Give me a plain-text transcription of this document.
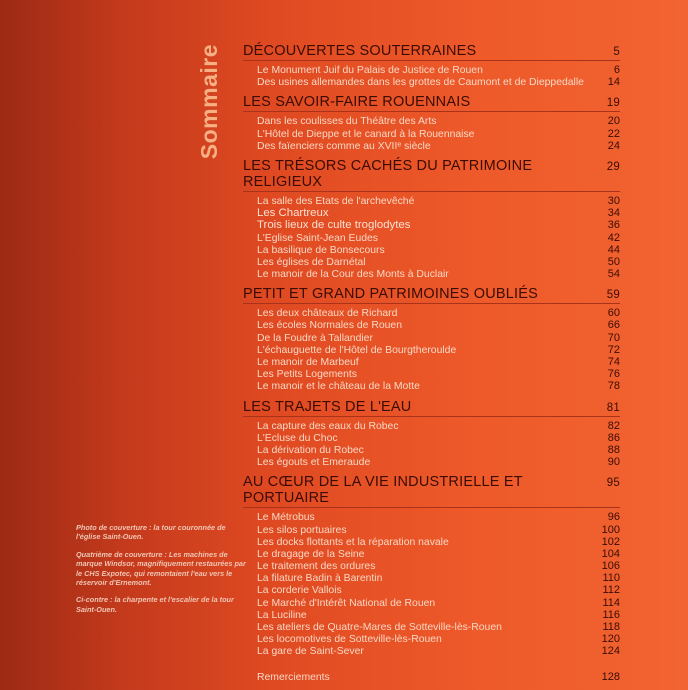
Sommaire DÉCOUVERTES SOUTERRAINES	5
Le Monument Juif du Palais de Justice de Rouen	6
Des usines allemandes dans les grottes de Caumont et de Dieppedalle 14
LES SAVOIR-FAIRE ROUENNAIS	19
Dans les coulisses du Théâtre des Arts	20
L'Hôtel de Dieppe et le canard à la Rouennaise	22
Des faïenciers comme au XVIIᵉ siècle	24
LES TRÉSORS CACHÉS DU PATRIMOINE RELIGIEUX
29
La salle des Etats de l'archevêché	30
Les Chartreux	34
Trois lieux de culte troglodytes	36
L'Eglise Saint-Jean Eudes	42
La basilique de Bonsecours	44
Les églises de Darnétal	50
Le manoir de la Cour des Monts à Duclair	54
PETIT ET GRAND PATRIMOINES OUBLIÉS	59
Les deux châteaux de Richard	60
Les écoles Normales de Rouen	66
De la Foudre à Tallandier	70
L'échauguette de l'Hôtel de Bourgtheroulde	72
Le manoir de Marbeuf	74
Les Petits Logements	76
Le manoir et le château de la Motte	78
LES TRAJETS DE L'EAU	81
La capture des eaux du Robec	82
L'Ecluse du Choc	86
La dérivation du Robec	88
Les égouts et Emeraude	90
AU CŒUR DE LA VIE INDUSTRIELLE ET PORTUAIRE
95
Le Métrobus	96
Les silos portuaires	100
Les docks flottants et la réparation navale	102
Le dragage de la Seine	104
Le traitement des ordures	106
La filature Badin à Barentin	110
La corderie Vallois	112
Le Marché d'Intérêt National de Rouen	114
La Luciline	116
Les ateliers de Quatre-Mares de Sotteville-lès-Rouen	118
Les locomotives de Sotteville-lès-Rouen	120
La gare de Saint-Sever	124
Remerciements	128

Photo de couverture : la tour couronnée de l'église Saint-Ouen.

Quatrième de couverture : Les machines de marque Windsor, magnifiquement restaurées par le CHS Expotec, qui remontaient l'eau vers le réservoir d'Ernemont.

Ci-contre : la charpente et l'escalier de la tour Saint-Ouen.
